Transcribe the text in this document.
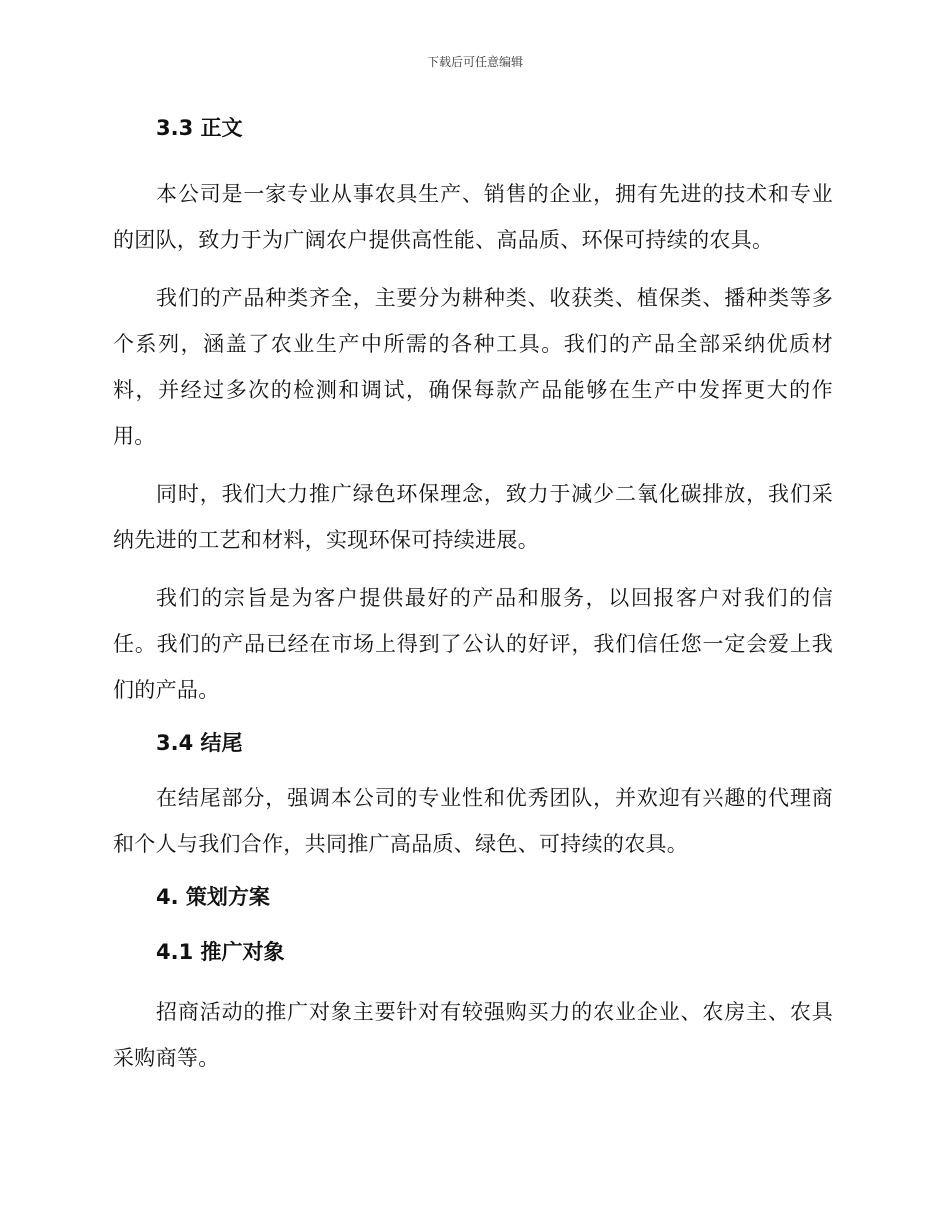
下载后可任意编辑
3.3 正文

本公司是一家专业从事农具生产、销售的企业，拥有先进的技术和专业的团队，致力于为广阔农户提供高性能、高品质、环保可持续的农具。

我们的产品种类齐全，主要分为耕种类、收获类、植保类、播种类等多个系列，涵盖了农业生产中所需的各种工具。我们的产品全部采纳优质材料，并经过多次的检测和调试，确保每款产品能够在生产中发挥更大的作用。

同时，我们大力推广绿色环保理念，致力于减少二氧化碳排放，我们采纳先进的工艺和材料，实现环保可持续进展。

我们的宗旨是为客户提供最好的产品和服务，以回报客户对我们的信任。我们的产品已经在市场上得到了公认的好评，我们信任您一定会爱上我们的产品。

3.4 结尾

在结尾部分，强调本公司的专业性和优秀团队，并欢迎有兴趣的代理商和个人与我们合作，共同推广高品质、绿色、可持续的农具。

4. 策划方案
4.1 推广对象

招商活动的推广对象主要针对有较强购买力的农业企业、农房主、农具采购商等。
